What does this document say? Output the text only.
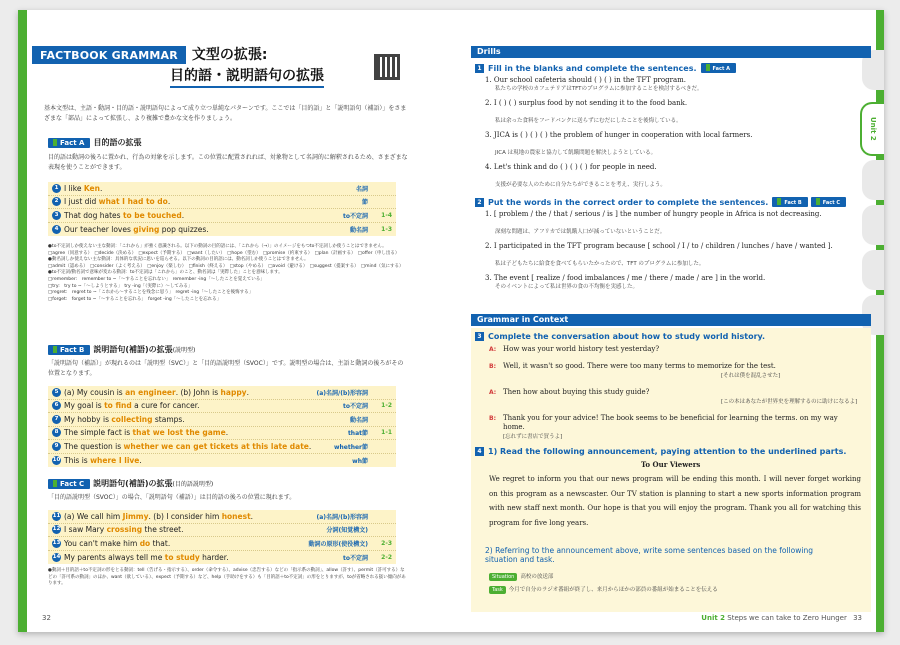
FACTBOOK GRAMMAR	文型の拡張:
目的語・説明語句の拡張
基本文型は、主語・動詞・目的語・説明語句によって成り立つ単純なパターンです。ここでは「目的語」と「説明語句（補語）」をさまざまな「部品」によって拡張し、より複雑で豊かな文を作りましょう。
Fact A	目的語の拡張
目的語は動詞の後ろに置かれ、行為の対象を示します。この位置に配置されれば、対象物として名詞的に解釈されるため、さまざまな表現を使うことができます。
1 I like Ken.	名詞
2 I just did what I had to do.	節
3 That dog hates to be touched.	to不定詞 1-4
4 Our teacher loves giving pop quizzes.	動名詞 1-3
●to不定詞しか使えない主な動詞：「これから」が強く意識される。以下の動詞の目的語には、「これから（→）」のイメージをもつto不定詞しか使うことはできません。
□agree（同意する）　□decide（決める）　□expect（予期する）　□want（したい）　□hope（望む）　□promise（約束する）　□plan（計画する）　□offer（申し出る）
●動名詞しか使えない主な動詞：具体的な状況に思いを巡らせる。以下の動詞の目的語には、動名詞しか使うことはできません。
□admit（認める）　□consider（よく考える）　□enjoy（楽しむ）　□finish（終える）　□stop（やめる）　□avoid（避ける）　□suggest（提案する）　□mind（気にする）
●to不定詞/動名詞で意味が変わる動詞：to不定詞は「これから」のこと、動名詞は「実際した」ことを意味します。
□remember:　remember to ~「～することを忘れない」　remember -ing「～したことを覚えている」
□try:　try to ~「～しようとする」　try -ing「（実際に）～してみる」
□regret:　regret to ~「これから～することを残念に思う」　regret -ing「～したことを後悔する」
□forget:　forget to ~「～することを忘れる」　forget -ing「～したことを忘れる」
Fact B	説明語句(補語)の拡張 (説明型)
「説明語句（補語）」が現れるのは「説明型（SVC）」と「目的語説明型（SVOC）」です。説明型の場合は、主語と動詞の後ろがその位置となります。
5 (a) My cousin is an engineer. (b) John is happy.	(a)名詞/(b)形容詞
6 My goal is to find a cure for cancer.	to不定詞 1-2
7 My hobby is collecting stamps.	動名詞
8 The simple fact is that we lost the game.	that節 1-1
9 The question is whether we can get tickets at this late date.	whether節
10 This is where I live.	wh節
Fact C	説明語句(補語)の拡張 (目的語説明型)
「目的語説明型（SVOC）」の場合、「説明語句（補語）」は目的語の後ろの位置に現れます。
11 (a) We call him Jimmy. (b) I consider him honest.	(a)名詞/(b)形容詞
12 I saw Mary crossing the street.	分詞(知覚構文)
13 You can't make him do that.	動詞の原形(使役構文) 2-3
14 My parents always tell me to study harder.	to不定詞 2-2
●動詞＋目的語＋to不定詞の形をとる動詞：tell（告げる・指示する）、order（命令する）、advise（忠告する）などの「指示系の動詞」、allow（許す）、permit（許可する）などの「許可系の動詞」のほか、want（欲している）、expect（予期する）など、help（手助けをする）も「目的語＋to不定詞」の形をとりますが、toが省略される扱い傾向があります。
32
Unit 2
Drills
1 Fill in the blanks and complete the sentences.	Fact A
1. Our school cafeteria should ( ) ( ) in the TFT program.
私たちの学校のカフェテリアはTFTのプログラムに参加することを検討するべきだ。
2. I ( ) ( ) surplus food by not sending it to the food bank.
私は余った食料をフードバンクに送らずにむだにしたことを後悔している。
3. JICA is ( ) ( ) ( ) the problem of hunger in cooperation with local farmers.
JICA は現地の農家と協力して飢餓問題を解決しようとしている。
4. Let's think and do ( ) ( ) ( ) for people in need.
支援が必要な人のために自分たちができることを考え、実行しよう。
2 Put the words in the correct order to complete the sentences.	Fact B	Fact C
1. [ problem / the / that / serious / is ] the number of hungry people in Africa is not decreasing.
深刻な問題は、アフリカでは飢餓人口が減っていないということだ。
2. I participated in the TFT program because [ school / I / to / children / lunches / have / wanted ].
私は子どもたちに給食を食べてもらいたかったので、TFT のプログラムに参加した。
3. The event [ realize / food imbalances / me / there / made / are ] in the world.
そのイベントによって私は世界の食の不均衡を実感した。
Grammar in Context
3 Complete the conversation about how to study world history.
A: How was your world history test yesterday?
B: Well, it wasn't so good. There were too many terms to memorize for the test.
[それは僕を混乱させた]
A: Then how about buying this study guide?
[この本はあなたが世界史を理解するのに助けになるよ]
B: Thank you for your advice! The book seems to be beneficial for learning the terms. on my way home.
[忘れずに書店で買うよ]
4 1) Read the following announcement, paying attention to the underlined parts.
To Our Viewers
We regret to inform you that our news program will be ending this month. I will never forget working on this program as a newscaster. Our TV station is planning to start a new sports information program with new staff next month. Our hope is that you will enjoy the program. Thank you all for watching this program for five long years.
2) Referring to the announcement above, write some sentences based on the following situation and task.
Situation 高校の放送部
Task 今月で自分のラジオ番組が終了し、来月からほかの部員の番組が始まることを伝える
Unit 2 Steps we can take to Zero Hunger 33
